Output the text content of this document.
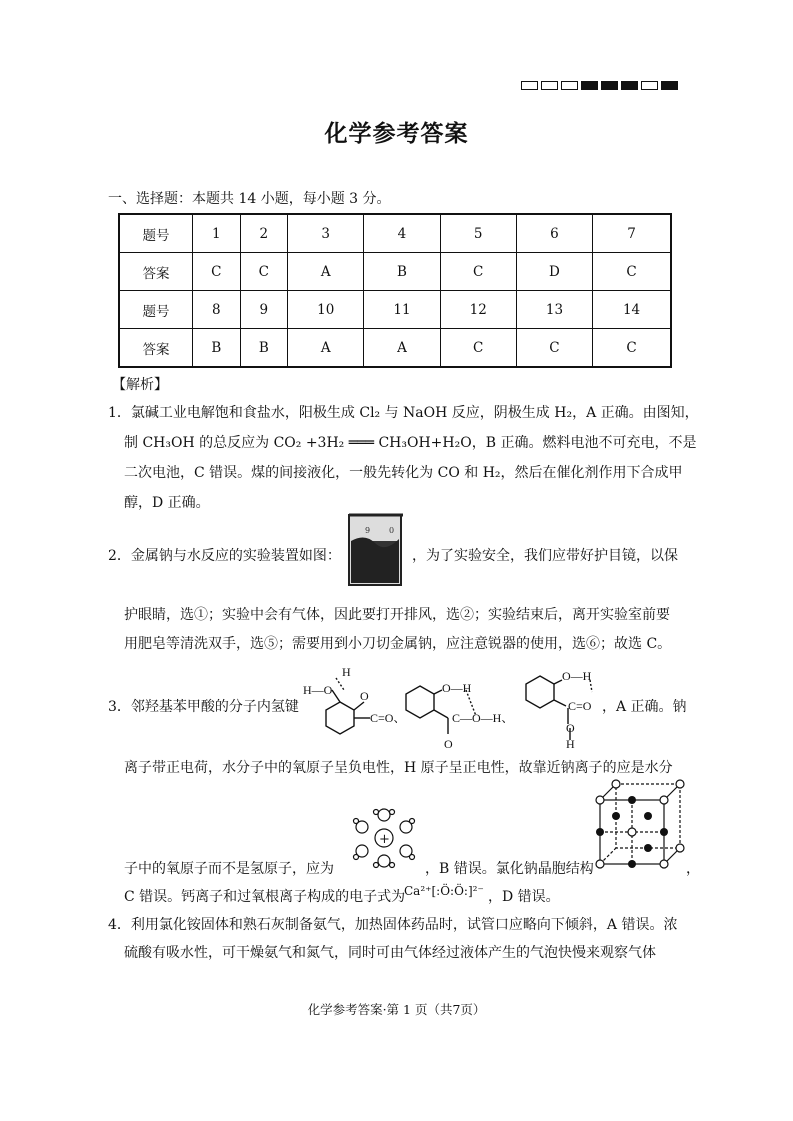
化学参考答案
一、选择题：本题共 14 小题，每小题 3 分。
题号	1	2	3	4	5	6	7
答案	C	C	A	B	C	D	C
题号	8	9	10	11	12	13	14
答案	B	B	A	A	C	C	C
【解析】
1．氯碱工业电解饱和食盐水，阳极生成 Cl₂ 与 NaOH 反应，阴极生成 H₂，A 正确。由图知，
制 CH₃OH 的总反应为 CO₂ +3H₂ ═══ CH₃OH+H₂O，B 正确。燃料电池不可充电，不是
二次电池，C 错误。煤的间接液化，一般先转化为 CO 和 H₂，然后在催化剂作用下合成甲
醇，D 正确。
2．金属钠与水反应的实验装置如图：
9 0
，为了实验安全，我们应带好护目镜，以保
护眼睛，选①；实验中会有气体，因此要打开排风，选②；实验结束后，离开实验室前要
用肥皂等清洗双手，选⑤；需要用到小刀切金属钠，应注意锐器的使用，选⑥；故选 C。
3．邻羟基苯甲酸的分子内氢键
H—O
H
O
C=O、
O—H
O
C—O—H、
O—H
C=O
O
H
，A 正确。钠
离子带正电荷，水分子中的氧原子呈负电性，H 原子呈正电性，故靠近钠离子的应是水分
子中的氧原子而不是氢原子，应为
+
，B 错误。氯化钠晶胞结构	，
C 错误。钙离子和过氧根离子构成的电子式为
Ca²⁺[:Ö:Ö:]²⁻ ，D 错误。
4．利用氯化铵固体和熟石灰制备氨气，加热固体药品时，试管口应略向下倾斜，A 错误。浓
硫酸有吸水性，可干燥氨气和氮气，同时可由气体经过液体产生的气泡快慢来观察气体
化学参考答案·第 1 页（共7页）
